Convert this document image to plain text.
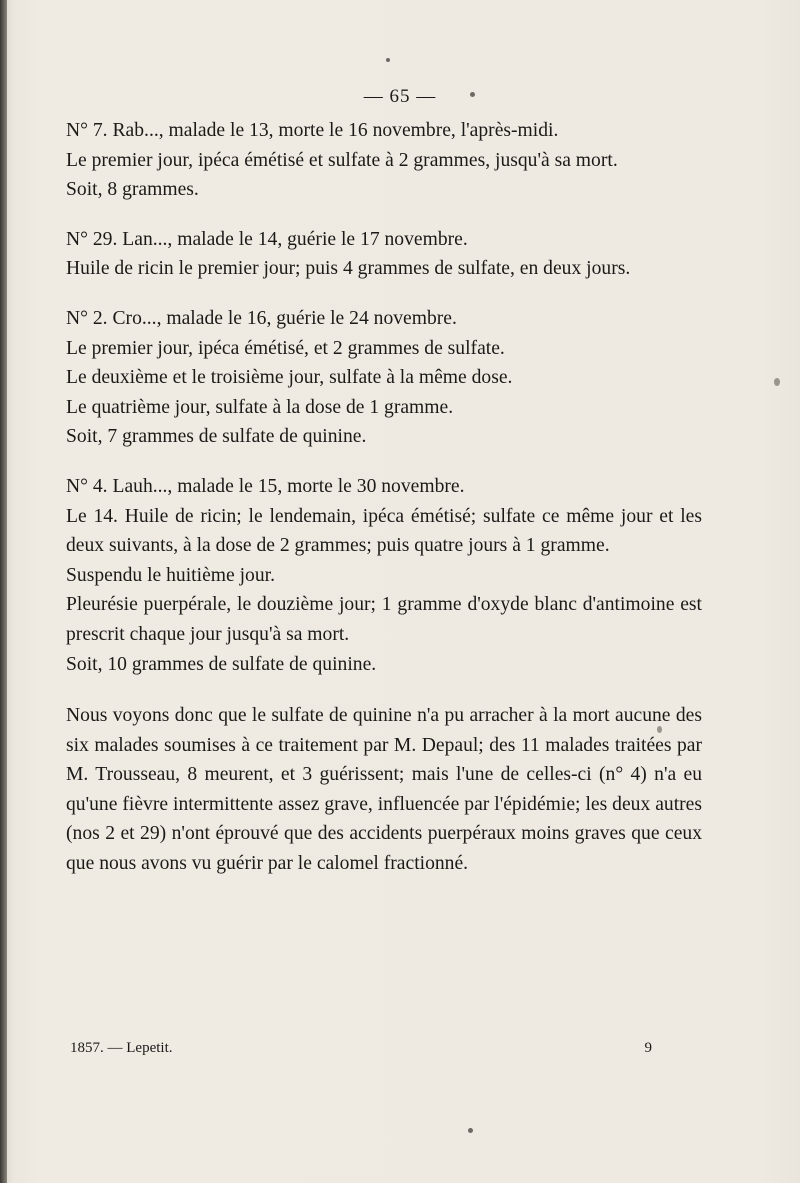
— 65 —

N° 7. Rab..., malade le 13, morte le 16 novembre, l'après-midi.

Le premier jour, ipéca émétisé et sulfate à 2 grammes, jusqu'à sa mort.

Soit, 8 grammes.

N° 29. Lan..., malade le 14, guérie le 17 novembre.

Huile de ricin le premier jour; puis 4 grammes de sulfate, en deux jours.

N° 2. Cro..., malade le 16, guérie le 24 novembre.

Le premier jour, ipéca émétisé, et 2 grammes de sulfate.

Le deuxième et le troisième jour, sulfate à la même dose.

Le quatrième jour, sulfate à la dose de 1 gramme.

Soit, 7 grammes de sulfate de quinine.

N° 4. Lauh..., malade le 15, morte le 30 novembre.

Le 14. Huile de ricin; le lendemain, ipéca émétisé; sulfate ce même jour et les deux suivants, à la dose de 2 grammes; puis quatre jours à 1 gramme.

Suspendu le huitième jour.

Pleurésie puerpérale, le douzième jour; 1 gramme d'oxyde blanc d'antimoine est prescrit chaque jour jusqu'à sa mort.

Soit, 10 grammes de sulfate de quinine.

Nous voyons donc que le sulfate de quinine n'a pu arracher à la mort aucune des six malades soumises à ce traitement par M. Depaul; des 11 malades traitées par M. Trousseau, 8 meurent, et 3 guérissent; mais l'une de celles-ci (n° 4) n'a eu qu'une fièvre intermittente assez grave, influencée par l'épidémie; les deux autres (nos 2 et 29) n'ont éprouvé que des accidents puerpéraux moins graves que ceux que nous avons vu guérir par le calomel fractionné.

1857. — Lepetit.	9
